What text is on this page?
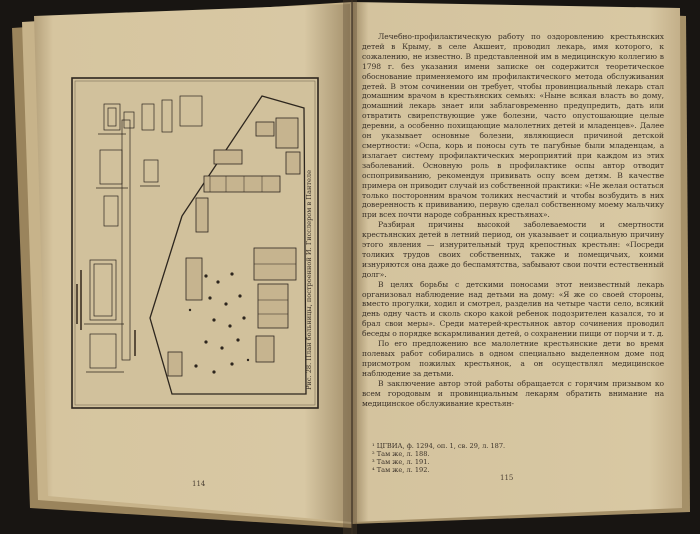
Рис. 28. План больницы, построенной И. Гисслером в Пантеле
114

Лечебно-профилактическую работу по оздоровлению крестьянских детей в Крыму, в селе Акшеит, проводил лекарь, имя которого, к сожалению, не известно. В представленной им в медицинскую коллегию в 1798 г. без указания имени записке он содержится теоретическое обоснование применяемого им профилактического метода обслуживания детей. В этом сочинении он требует, чтобы провинциальный лекарь стал домашним врачом в крестьянских семьях: «Ныне всякая власть во дому, домашний лекарь знает или заблаговременно предупредить, дать или отвратить свирепствующие уже болезни, часто опустошающие целые деревни, а особенно похищающие малолетних детей и младенцев». Далее он указывает основные болезни, являющиеся причиной детской смертности: «Оспа, корь и поносы суть те пагубные были младенцам, а излагает систему профилактических мероприятий при каждом из этих заболеваний. Основную роль в профилактике оспы автор отводит оспопрививанию, рекомендуя прививать оспу всем детям. В качестве примера он приводит случай из собственной практики: «Не желая остаться только посторонним врачом толиких несчастий и чтобы возбудить в них доверенность к прививанию, первую сделал собственному моему мальчику при всех почти народе собранных крестьянах».

Разбирая причины высокой заболеваемости и смертности крестьянских детей в летний период, он указывает и социальную причину этого явления — изнурительный труд крепостных крестьян: «Посреди толиких трудов своих собственных, также и помещичьих, коими изнуряются она даже до беспамятства, забывают свои почти естественный долг».

В целях борьбы с детскими поносами этот неизвестный лекарь организовал наблюдение над детьми на дому: «Я же со своей стороны, вместо прогулки, ходил и смотрел, разделив на четыре части село, всякий день одну часть и сколь скоро какой ребенок подозрителен казался, то и брал свои меры». Среди матерей-крестьянок автор сочинения проводил беседы о порядке вскармливания детей, о сохранении пищи от порчи и т. д.

По его предложению все малолетние крестьянские дети во время полевых работ собирались в одном специально выделенном доме под присмотром пожилых крестьянок, а он осуществлял медицинское наблюдение за детьми.

В заключение автор этой работы обращается с горячим призывом ко всем городовым и провинциальным лекарям обратить внимание на медицинское обслуживание крестьян-

¹ ЦГВИА, ф. 1294, оп. 1, св. 29, л. 187.
² Там же, л. 188.
³ Там же, л. 191.
⁴ Там же, л. 192.
115
